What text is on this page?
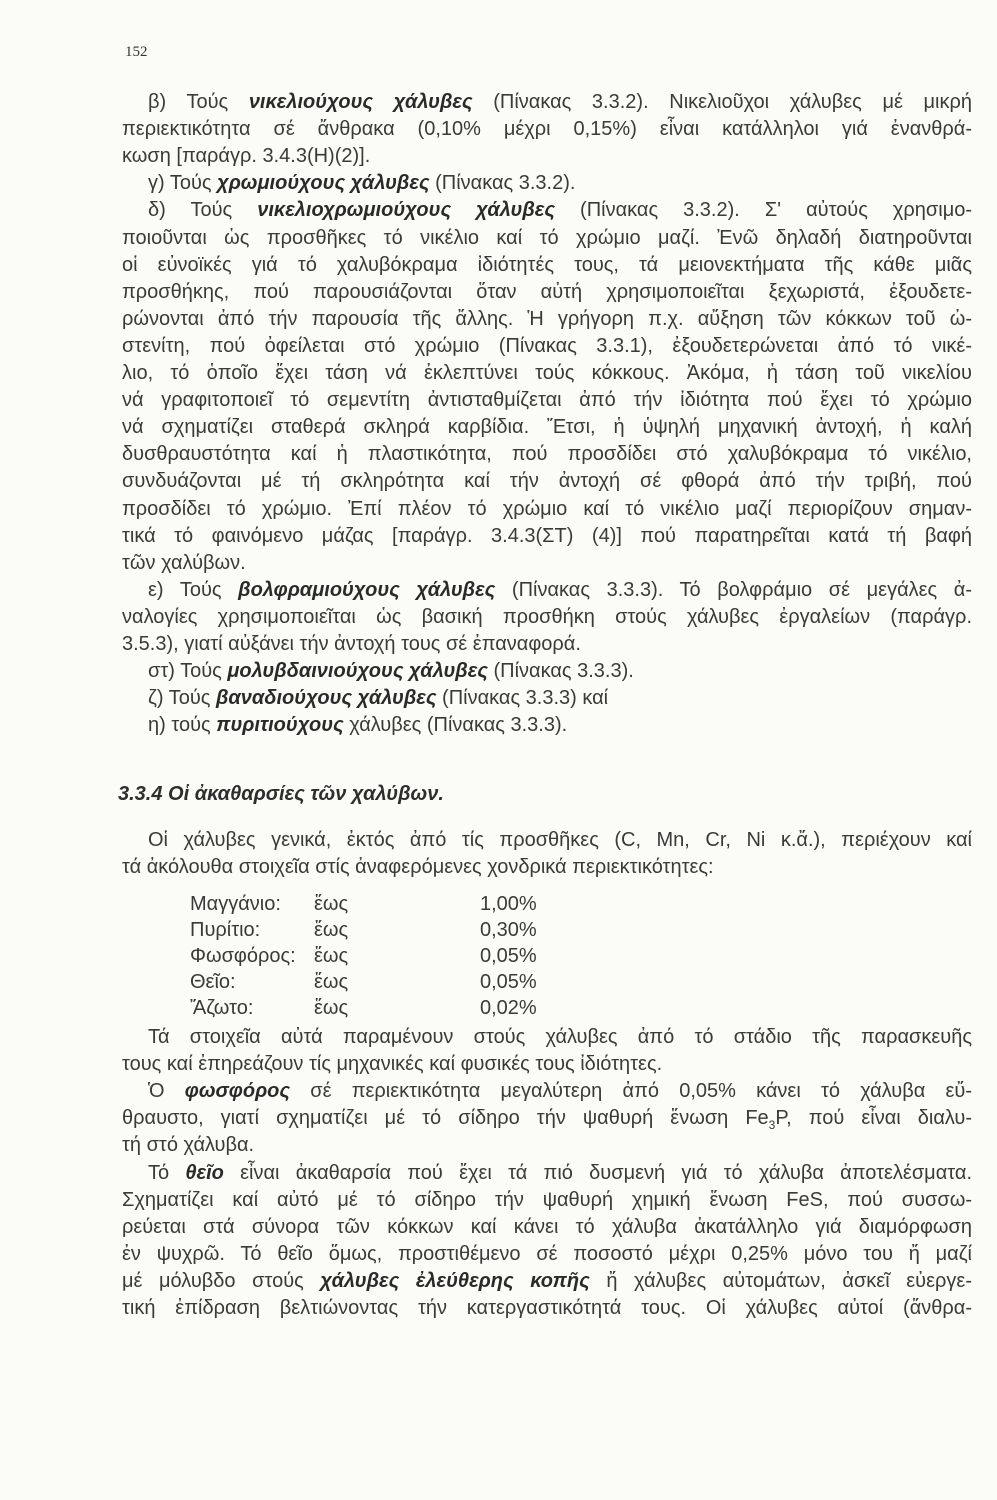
152
β) Τούς νικελιούχους χάλυβες (Πίνακας 3.3.2). Νικελιοῦχοι χάλυβες μέ μικρή
περιεκτικότητα σέ ἄνθρακα (0,10% μέχρι 0,15%) εἶναι κατάλληλοι γιά ἐνανθρά-
κωση [παράγρ. 3.4.3(Η)(2)].
γ) Τούς χρωμιούχους χάλυβες (Πίνακας 3.3.2).
δ) Τούς νικελιοχρωμιούχους χάλυβες (Πίνακας 3.3.2). Σ' αὐτούς χρησιμο-
ποιοῦνται ὡς προσθῆκες τό νικέλιο καί τό χρώμιο μαζί. Ἐνῶ δηλαδή διατηροῦνται
οἱ εὐνοϊκές γιά τό χαλυβόκραμα ἰδιότητές τους, τά μειονεκτήματα τῆς κάθε μιᾶς
προσθήκης, πού παρουσιάζονται ὅταν αὐτή χρησιμοποιεῖται ξεχωριστά, ἐξουδετε-
ρώνονται ἀπό τήν παρουσία τῆς ἄλλης. Ἡ γρήγορη π.χ. αὔξηση τῶν κόκκων τοῦ ὠ-
στενίτη, πού ὀφείλεται στό χρώμιο (Πίνακας 3.3.1), ἐξουδετερώνεται ἀπό τό νικέ-
λιο, τό ὁποῖο ἔχει τάση νά ἐκλεπτύνει τούς κόκκους. Ἀκόμα, ἡ τάση τοῦ νικελίου
νά γραφιτοποιεῖ τό σεμεντίτη ἀντισταθμίζεται ἀπό τήν ἰδιότητα πού ἔχει τό χρώμιο
νά σχηματίζει σταθερά σκληρά καρβίδια. Ἔτσι, ἡ ὑψηλή μηχανική ἀντοχή, ἡ καλή
δυσθραυστότητα καί ἡ πλαστικότητα, πού προσδίδει στό χαλυβόκραμα τό νικέλιο,
συνδυάζονται μέ τή σκληρότητα καί τήν ἀντοχή σέ φθορά ἀπό τήν τριβή, πού
προσδίδει τό χρώμιο. Ἐπί πλέον τό χρώμιο καί τό νικέλιο μαζί περιορίζουν σημαν-
τικά τό φαινόμενο μάζας [παράγρ. 3.4.3(ΣΤ) (4)] πού παρατηρεῖται κατά τή βαφή
τῶν χαλύβων.
ε) Τούς βολφραμιούχους χάλυβες (Πίνακας 3.3.3). Τό βολφράμιο σέ μεγάλες ἀ-
ναλογίες χρησιμοποιεῖται ὡς βασική προσθήκη στούς χάλυβες ἐργαλείων (παράγρ.
3.5.3), γιατί αὐξάνει τήν ἀντοχή τους σέ ἐπαναφορά.
στ) Τούς μολυβδαινιούχους χάλυβες (Πίνακας 3.3.3).
ζ) Τούς βαναδιούχους χάλυβες (Πίνακας 3.3.3) καί
η) τούς πυριτιούχους χάλυβες (Πίνακας 3.3.3).
3.3.4 Οἱ ἀκαθαρσίες τῶν χαλύβων.
Οἱ χάλυβες γενικά, ἐκτός ἀπό τίς προσθῆκες (C, Mn, Cr, Ni κ.ἄ.), περιέχουν καί
τά ἀκόλουθα στοιχεῖα στίς ἀναφερόμενες χονδρικά περιεκτικότητες:
Μαγγάνιο: ἕως	1,00%
Πυρίτιο:	ἕως	0,30%
Φωσφόρος: ἕως	0,05%
Θεῖο:	ἕως	0,05%
Ἄζωτο:	ἕως	0,02%
Τά στοιχεῖα αὐτά παραμένουν στούς χάλυβες ἀπό τό στάδιο τῆς παρασκευῆς
τους καί ἐπηρεάζουν τίς μηχανικές καί φυσικές τους ἰδιότητες.
Ὁ φωσφόρος σέ περιεκτικότητα μεγαλύτερη ἀπό 0,05% κάνει τό χάλυβα εὔ-
θραυστο, γιατί σχηματίζει μέ τό σίδηρο τήν ψαθυρή ἕνωση $Fe_3P$, πού εἶναι διαλυ-
τή στό χάλυβα.
Τό θεῖο εἶναι ἀκαθαρσία πού ἔχει τά πιό δυσμενή γιά τό χάλυβα ἀποτελέσματα.
Σχηματίζει καί αὐτό μέ τό σίδηρο τήν ψαθυρή χημική ἕνωση FeS, πού συσσω-
ρεύεται στά σύνορα τῶν κόκκων καί κάνει τό χάλυβα ἀκατάλληλο γιά διαμόρφωση
ἐν ψυχρῶ. Τό θεῖο ὅμως, προστιθέμενο σέ ποσοστό μέχρι 0,25% μόνο του ἤ μαζί
μέ μόλυβδο στούς χάλυβες ἐλεύθερης κοπῆς ἤ χάλυβες αὐτομάτων, ἀσκεῖ εὐεργε-
τική ἐπίδραση βελτιώνοντας τήν κατεργαστικότητά τους. Οἱ χάλυβες αὐτοί (ἄνθρα-
